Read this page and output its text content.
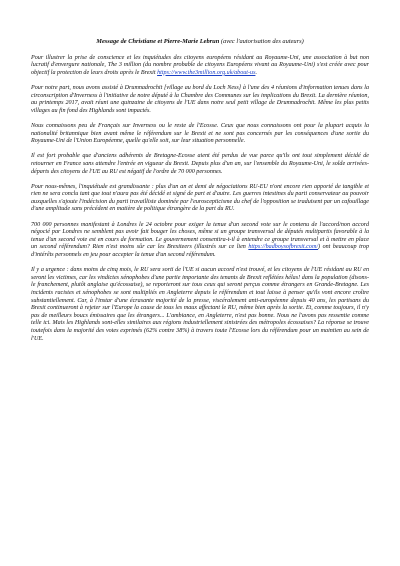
Message de Christiane et Pierre-Marie Lebrun (avec l'autorisation des auteurs)

Pour illustrer la prise de conscience et les inquiétudes des citoyens européens résidant au Royaume-Uni, une association à but non lucratif d'envergure nationale, The 3 million (du nombre probable de citoyens Européens vivant au Royaume-Uni) s'est créée avec pour objectif la protection de leurs droits après le Brexit https://www.the3million.org.uk/about-us.

Pour notre part, nous avons assisté à Drumnadrochit [village au bord du Loch Ness] à l'une des 4 réunions d'information tenues dans la circonscription d'Inverness à l'initiative de notre député à la Chambre des Communes sur les implications du Brexit. La dernière réunion, au printemps 2017, avait réuni une quinzaine de citoyens de l'UE dans notre seul petit village de Drumnadrochit. Même les plus petits villages au fin fond des Highlands sont impactés.

Nous connaissons peu de Français sur Inverness ou le reste de l'Ecosse. Ceux que nous connaissons ont pour la plupart acquis la nationalité britannique bien avant même le référendum sur le Brexit et ne sont pas concernés par les conséquences d'une sortie du Royaume-Uni de l'Union Européenne, quelle qu'elle soit, sur leur situation personnelle.

Il est fort probable que d'anciens adhérents de Bretagne-Ecosse aient été perdus de vue parce qu'ils ont tout simplement décidé de retourner en France sans attendre l'entrée en vigueur du Brexit. Depuis plus d'un an, sur l'ensemble du Royaume-Uni, le solde arrivées-départs des citoyens de l'UE au RU est négatif de l'ordre de 70 000 personnes.

Pour nous-mêmes, l'inquiétude est grandissante : plus d'un an et demi de négociations RU-EU n'ont encore rien apporté de tangible et rien ne sera conclu tant que tout n'aura pas été décidé et signé de part et d'autre. Les guerres intestines du parti conservateur au pouvoir auxquelles s'ajoute l'indécision du parti travailliste dominée par l'euroscepticisme du chef de l'opposition se traduisent par un cafouillage d'une amplitude sans précédent en matière de politique étrangère de la part du RU.

700 000 personnes manifestant à Londres le 24 octobre pour exiger la tenue d'un second vote sur le contenu de l'accord/non accord négocié par Londres ne semblent pas avoir fait bouger les choses, même si un groupe transversal de députés multipartis favorable à la tenue d'un second vote est en cours de formation. Le gouvernement consentira-t-il à entendre ce groupe transversal et à mettre en place un second référendum? Rien n'est moins sûr car les Brexiteers (illustrés sur ce lien https://badboysofbrexit.com/) ont beaucoup trop d'intérêts personnels en jeu pour accepter la tenue d'un second référendum.

Il y a urgence : dans moins de cinq mois, le RU sera sorti de l'UE si aucun accord n'est trouvé, et les citoyens de l'UE résidant au RU en seront les victimes, car les vindictes xénophobes d'une partie importante des tenants de Brexit reflétées hélas! dans la population (disons-le franchement, plutôt anglaise qu'écossaise), se reporteront sur tous ceux qui seront perçus comme étrangers en Grande-Bretagne. Les incidents racistes et xénophobes se sont multipliés en Angleterre depuis le référendum et tout laisse à penser qu'ils vont encore croître substantiellement. Car, à l'instar d'une écrasante majorité de la presse, viscéralement anti-européenne depuis 40 ans, les partisans du Brexit continueront à rejeter sur l'Europe la cause de tous les maux affectant le RU, même bien après la sortie. Et, comme toujours, il n'y pas de meilleurs boucs émissaires que les étrangers... L'ambiance, en Angleterre, n'est pas bonne. Nous ne l'avons pas ressentie comme telle ici. Mais les Highlands sont-elles similaires aux régions industriellement sinistrées des métropoles écossaises? La réponse se trouve toutefois dans la majorité des votes exprimés (62% contre 38%) à travers toute l'Ecosse lors du référendum pour un maintien au sein de l'UE.
